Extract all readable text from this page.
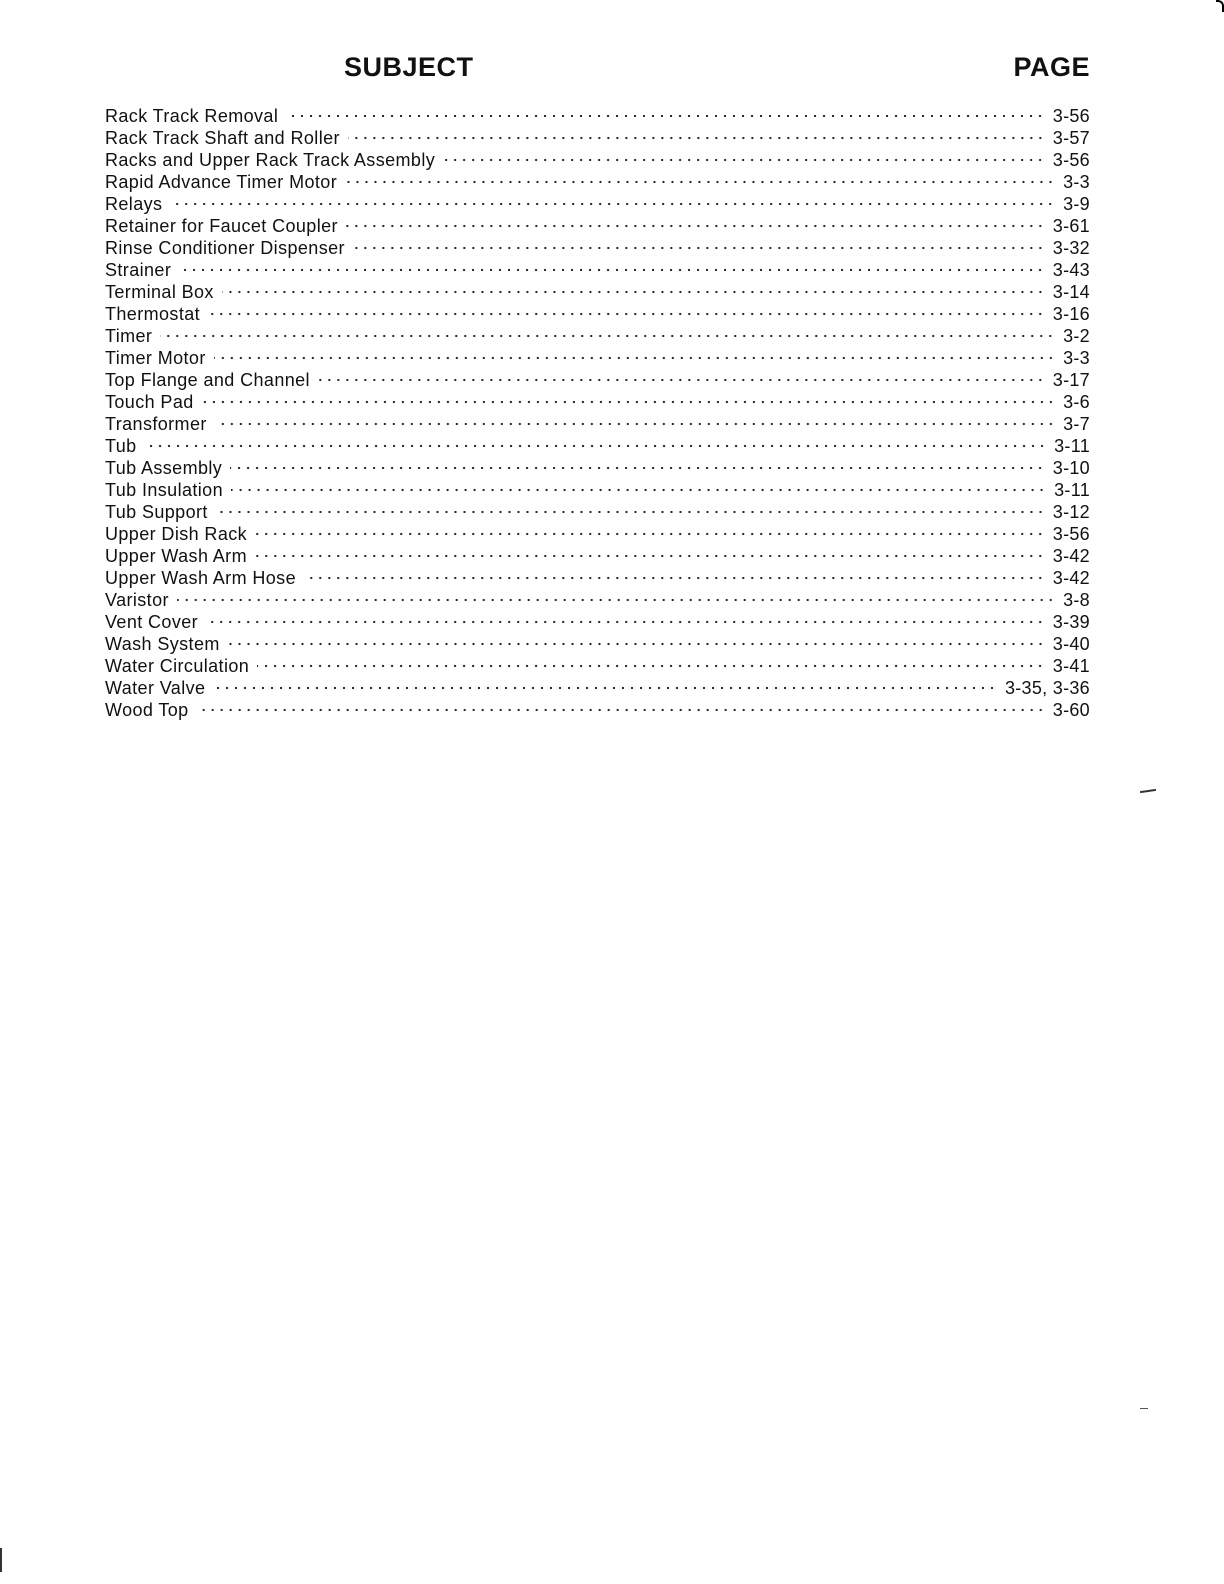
SUBJECT	PAGE
Rack Track Removal	3-56
Rack Track Shaft and Roller	3-57
Racks and Upper Rack Track Assembly	3-56
Rapid Advance Timer Motor	3-3
Relays	3-9
Retainer for Faucet Coupler	3-61
Rinse Conditioner Dispenser	3-32
Strainer	3-43
Terminal Box	3-14
Thermostat	3-16
Timer	3-2
Timer Motor	3-3
Top Flange and Channel	3-17
Touch Pad	3-6
Transformer	3-7
Tub	3-11
Tub Assembly	3-10
Tub Insulation	3-11
Tub Support	3-12
Upper Dish Rack	3-56
Upper Wash Arm	3-42
Upper Wash Arm Hose	3-42
Varistor	3-8
Vent Cover	3-39
Wash System	3-40
Water Circulation	3-41
Water Valve	3-35, 3-36
Wood Top	3-60
